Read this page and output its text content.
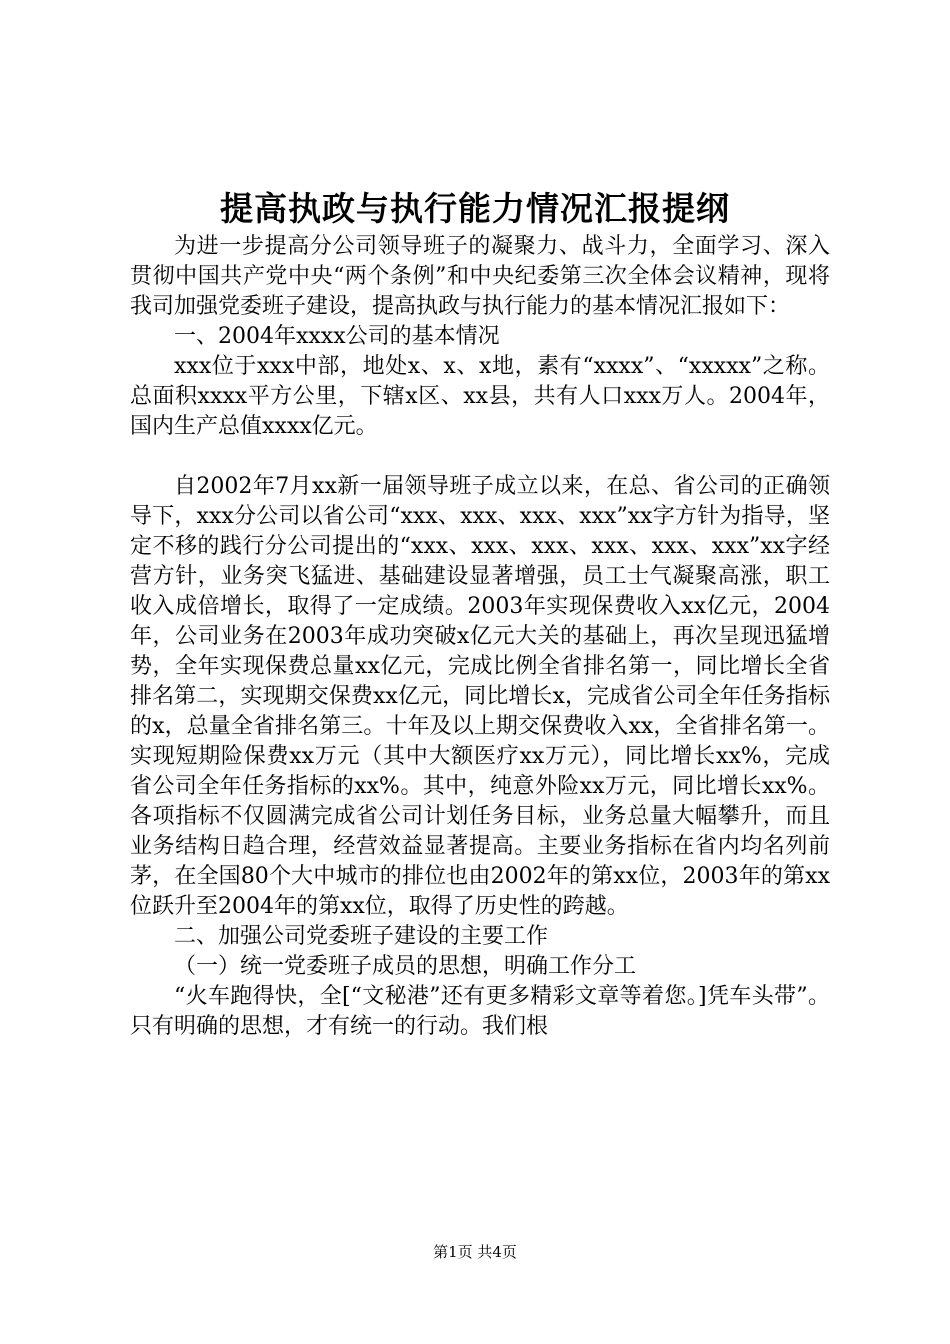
提高执政与执行能力情况汇报提纲

为进一步提高分公司领导班子的凝聚力、战斗力，全面学习、深入贯彻中国共产党中央“两个条例”和中央纪委第三次全体会议精神，现将我司加强党委班子建设，提高执政与执行能力的基本情况汇报如下：

一、2004年xxxx公司的基本情况

xxx位于xxx中部，地处x、x、x地，素有“xxxx”、“xxxxx”之称。总面积xxxx平方公里，下辖x区、xx县，共有人口xxx万人。2004年，国内生产总值xxxx亿元。

自2002年7月xx新一届领导班子成立以来，在总、省公司的正确领导下，xxx分公司以省公司“xxx、xxx、xxx、xxx”xx字方针为指导，坚定不移的践行分公司提出的“xxx、xxx、xxx、xxx、xxx、xxx”xx字经营方针，业务突飞猛进、基础建设显著增强，员工士气凝聚高涨，职工收入成倍增长，取得了一定成绩。2003年实现保费收入xx亿元，2004年，公司业务在2003年成功突破x亿元大关的基础上，再次呈现迅猛增势，全年实现保费总量xx亿元，完成比例全省排名第一，同比增长全省排名第二，实现期交保费xx亿元，同比增长x，完成省公司全年任务指标的x，总量全省排名第三。十年及以上期交保费收入xx，全省排名第一。实现短期险保费xx万元（其中大额医疗xx万元），同比增长xx%，完成省公司全年任务指标的xx%。其中，纯意外险xx万元，同比增长xx%。各项指标不仅圆满完成省公司计划任务目标，业务总量大幅攀升，而且业务结构日趋合理，经营效益显著提高。主要业务指标在省内均名列前茅，在全国80个大中城市的排位也由2002年的第xx位，2003年的第xx位跃升至2004年的第xx位，取得了历史性的跨越。

二、加强公司党委班子建设的主要工作

（一）统一党委班子成员的思想，明确工作分工

“火车跑得快，全[“文秘港”还有更多精彩文章等着您。]凭车头带”。只有明确的思想，才有统一的行动。我们根

第1页 共4页
